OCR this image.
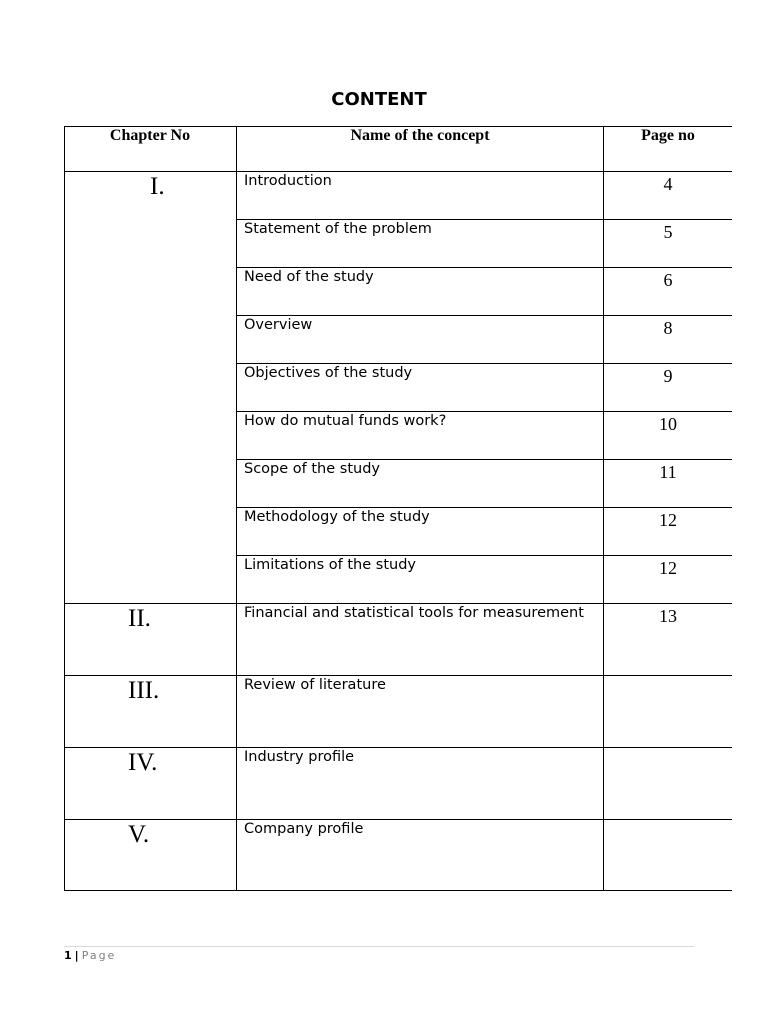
CONTENT
Chapter No	Name of the concept	Page no
I.
II.
III.
IV.
V.
Introduction
Statement of the problem
Need of the study
Overview
Objectives of the study
How do mutual funds work?
Scope of the study
Methodology of the study
Limitations of the study
Financial and statistical tools for measurement
Review of literature
Industry profile
Company profile
4
5
6
8
9
10
11
12
12
13
1 | Page
